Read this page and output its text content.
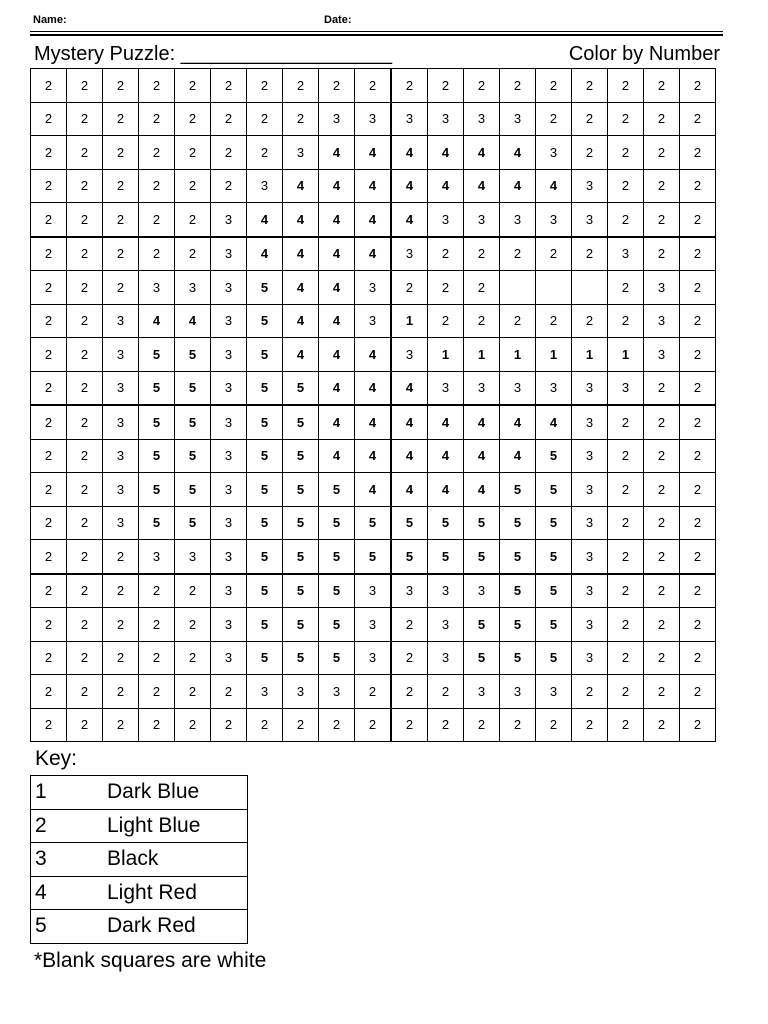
Name:	Date:
Mystery Puzzle: ___________________	Color by Number
2	2	2	2	2	2	2	2	2	2	2	2	2	2	2	2	2	2	2
2	2	2	2	2	2	2	2	3	3	3	3	3	3	2	2	2	2	2
2	2	2	2	2	2	2	3	4	4	4	4	4	4	3	2	2	2	2
2	2	2	2	2	2	3	4	4	4	4	4	4	4	4	3	2	2	2
2	2	2	2	2	3	4	4	4	4	4	3	3	3	3	3	2	2	2
2	2	2	2	2	3	4	4	4	4	3	2	2	2	2	2	3	2	2
2	2	2	3	3	3	5	4	4	3	2	2	2				2	3	2
2	2	3	4	4	3	5	4	4	3	1	2	2	2	2	2	2	3	2
2	2	3	5	5	3	5	4	4	4	3	1	1	1	1	1	1	3	2
2	2	3	5	5	3	5	5	4	4	4	3	3	3	3	3	3	2	2
2	2	3	5	5	3	5	5	4	4	4	4	4	4	4	3	2	2	2
2	2	3	5	5	3	5	5	4	4	4	4	4	4	5	3	2	2	2
2	2	3	5	5	3	5	5	5	4	4	4	4	5	5	3	2	2	2
2	2	3	5	5	3	5	5	5	5	5	5	5	5	5	3	2	2	2
2	2	2	3	3	3	5	5	5	5	5	5	5	5	5	3	2	2	2
2	2	2	2	2	3	5	5	5	3	3	3	3	5	5	3	2	2	2
2	2	2	2	2	3	5	5	5	3	2	3	5	5	5	3	2	2	2
2	2	2	2	2	3	5	5	5	3	2	3	5	5	5	3	2	2	2
2	2	2	2	2	2	3	3	3	2	2	2	3	3	3	2	2	2	2
2	2	2	2	2	2	2	2	2	2	2	2	2	2	2	2	2	2	2
Key:
1	Dark Blue
2	Light Blue
3	Black
4	Light Red
5	Dark Red
*Blank squares are white
